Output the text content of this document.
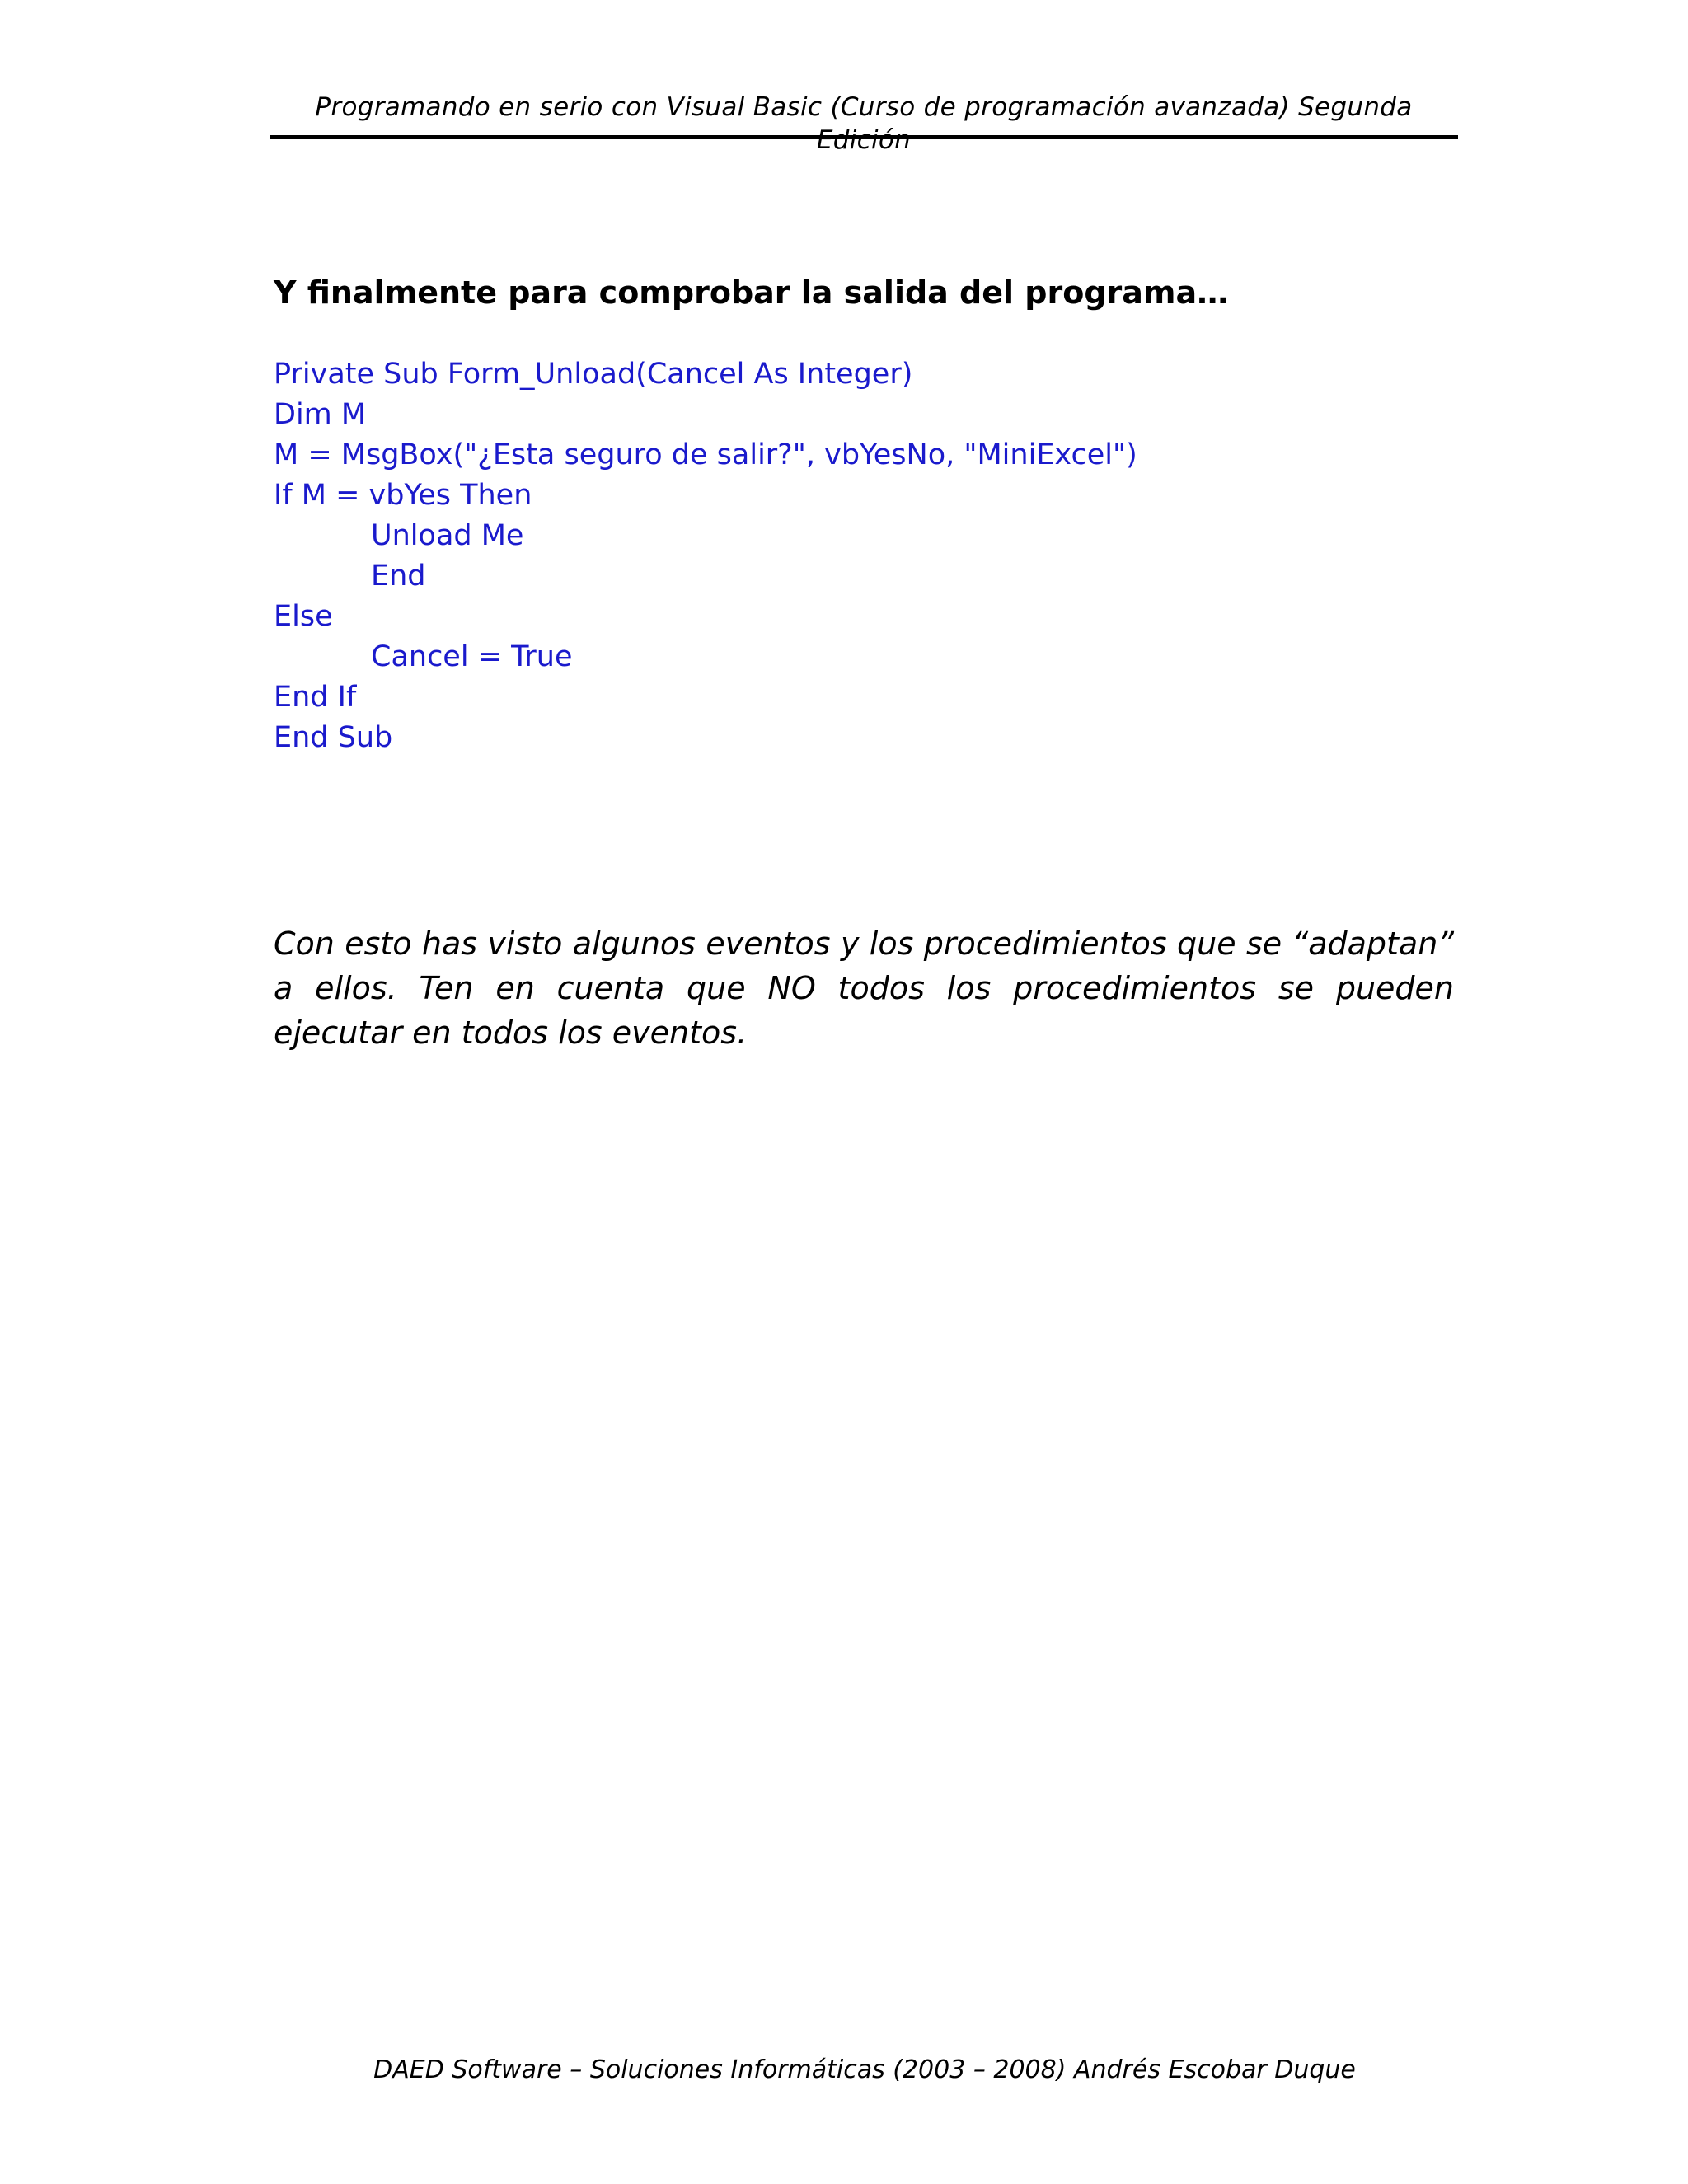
Programando en serio con Visual Basic (Curso de programación avanzada) Segunda Edición
Y finalmente para comprobar la salida del programa…
Private Sub Form_Unload(Cancel As Integer)
Dim M
M = MsgBox("¿Esta seguro de salir?", vbYesNo, "MiniExcel")
If M = vbYes Then
Unload Me
End
Else
Cancel = True
End If
End Sub
Con esto has visto algunos eventos y los procedimientos que se “adaptan” a ellos. Ten en cuenta que NO todos los procedimientos se pueden ejecutar en todos los eventos.
DAED Software – Soluciones Informáticas (2003 – 2008) Andrés Escobar Duque
